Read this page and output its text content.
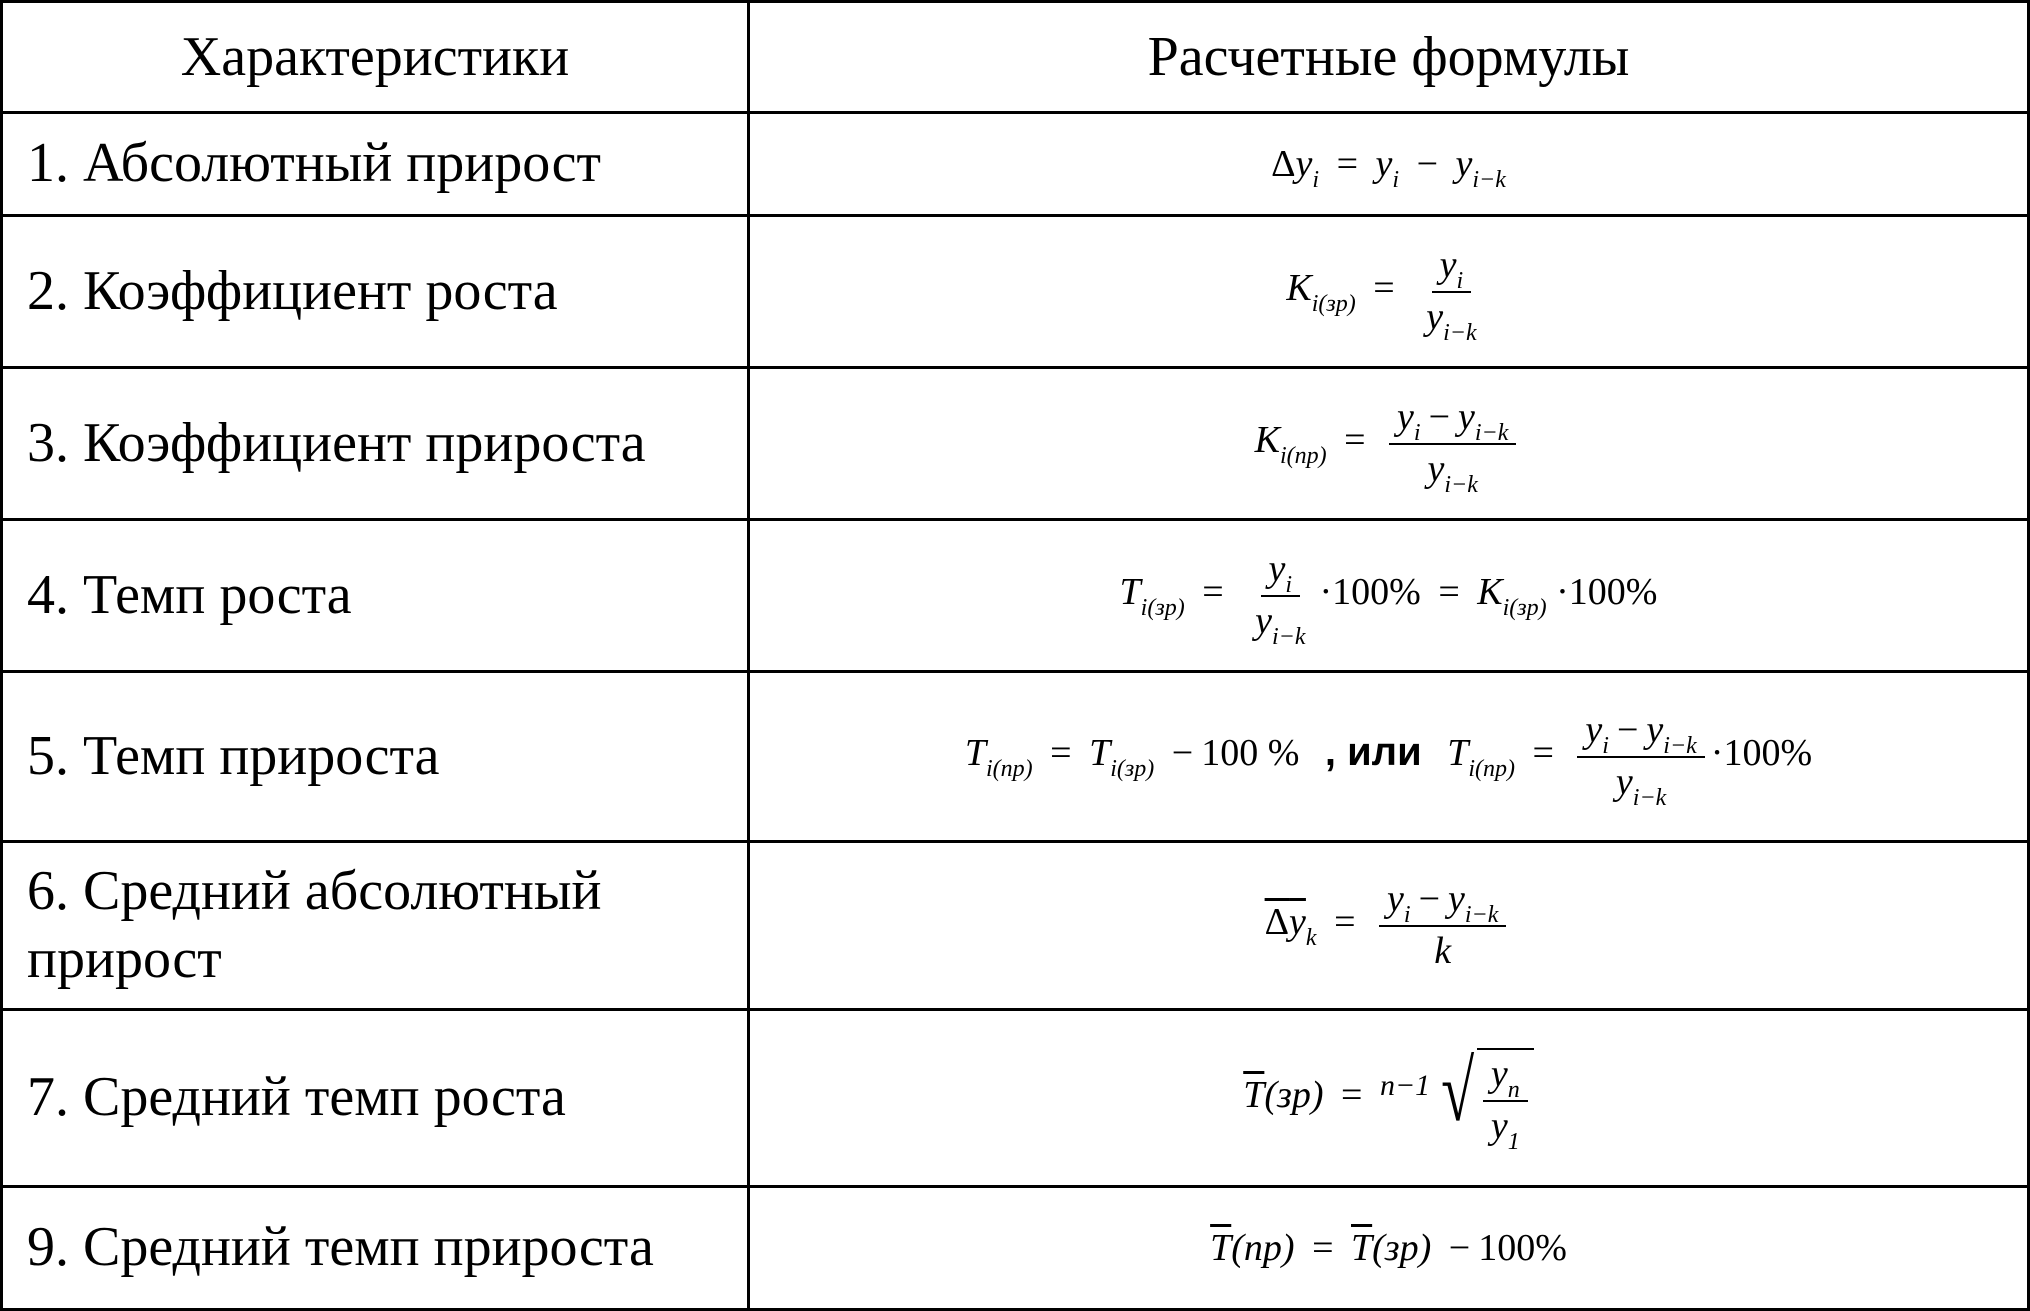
Характеристики	Расчетные формулы
1. Абсолютный прирост	$\Delta y_i = y_i - y_{i-k}$
2. Коэффициент роста	$K_{i(зр)} = \frac{y_i}{y_{i-k}}$

3. Коэффициент прироста	$K_{i(пр)} = \frac{y_i - y_{i-k}}{y_{i-k}}$

4. Темп роста	$T_{i(зр)} = \frac{y_i}{y_{i-k}} \cdot 100\% = K_{i(зр)} \cdot 100\%$
5. Темп прироста	$T_{i(пр)} = T_{i(зр)} - 100$ % , или $T_{i(пр)} = \frac{y_i - y_{i-k}}{y_{i-k}} \cdot 100\%$
6. Средний абсолютный прирост	$\Delta y_k = \frac{y_i - y_{i-k}}{k}$

7. Средний темп роста	$\overline{T}(зр) = ^{n-1}$ √ $\frac{y_n}{y_1}$

9. Средний темп прироста	$\overline{T}(пр) = \overline{T}(зр) - 100\%$
